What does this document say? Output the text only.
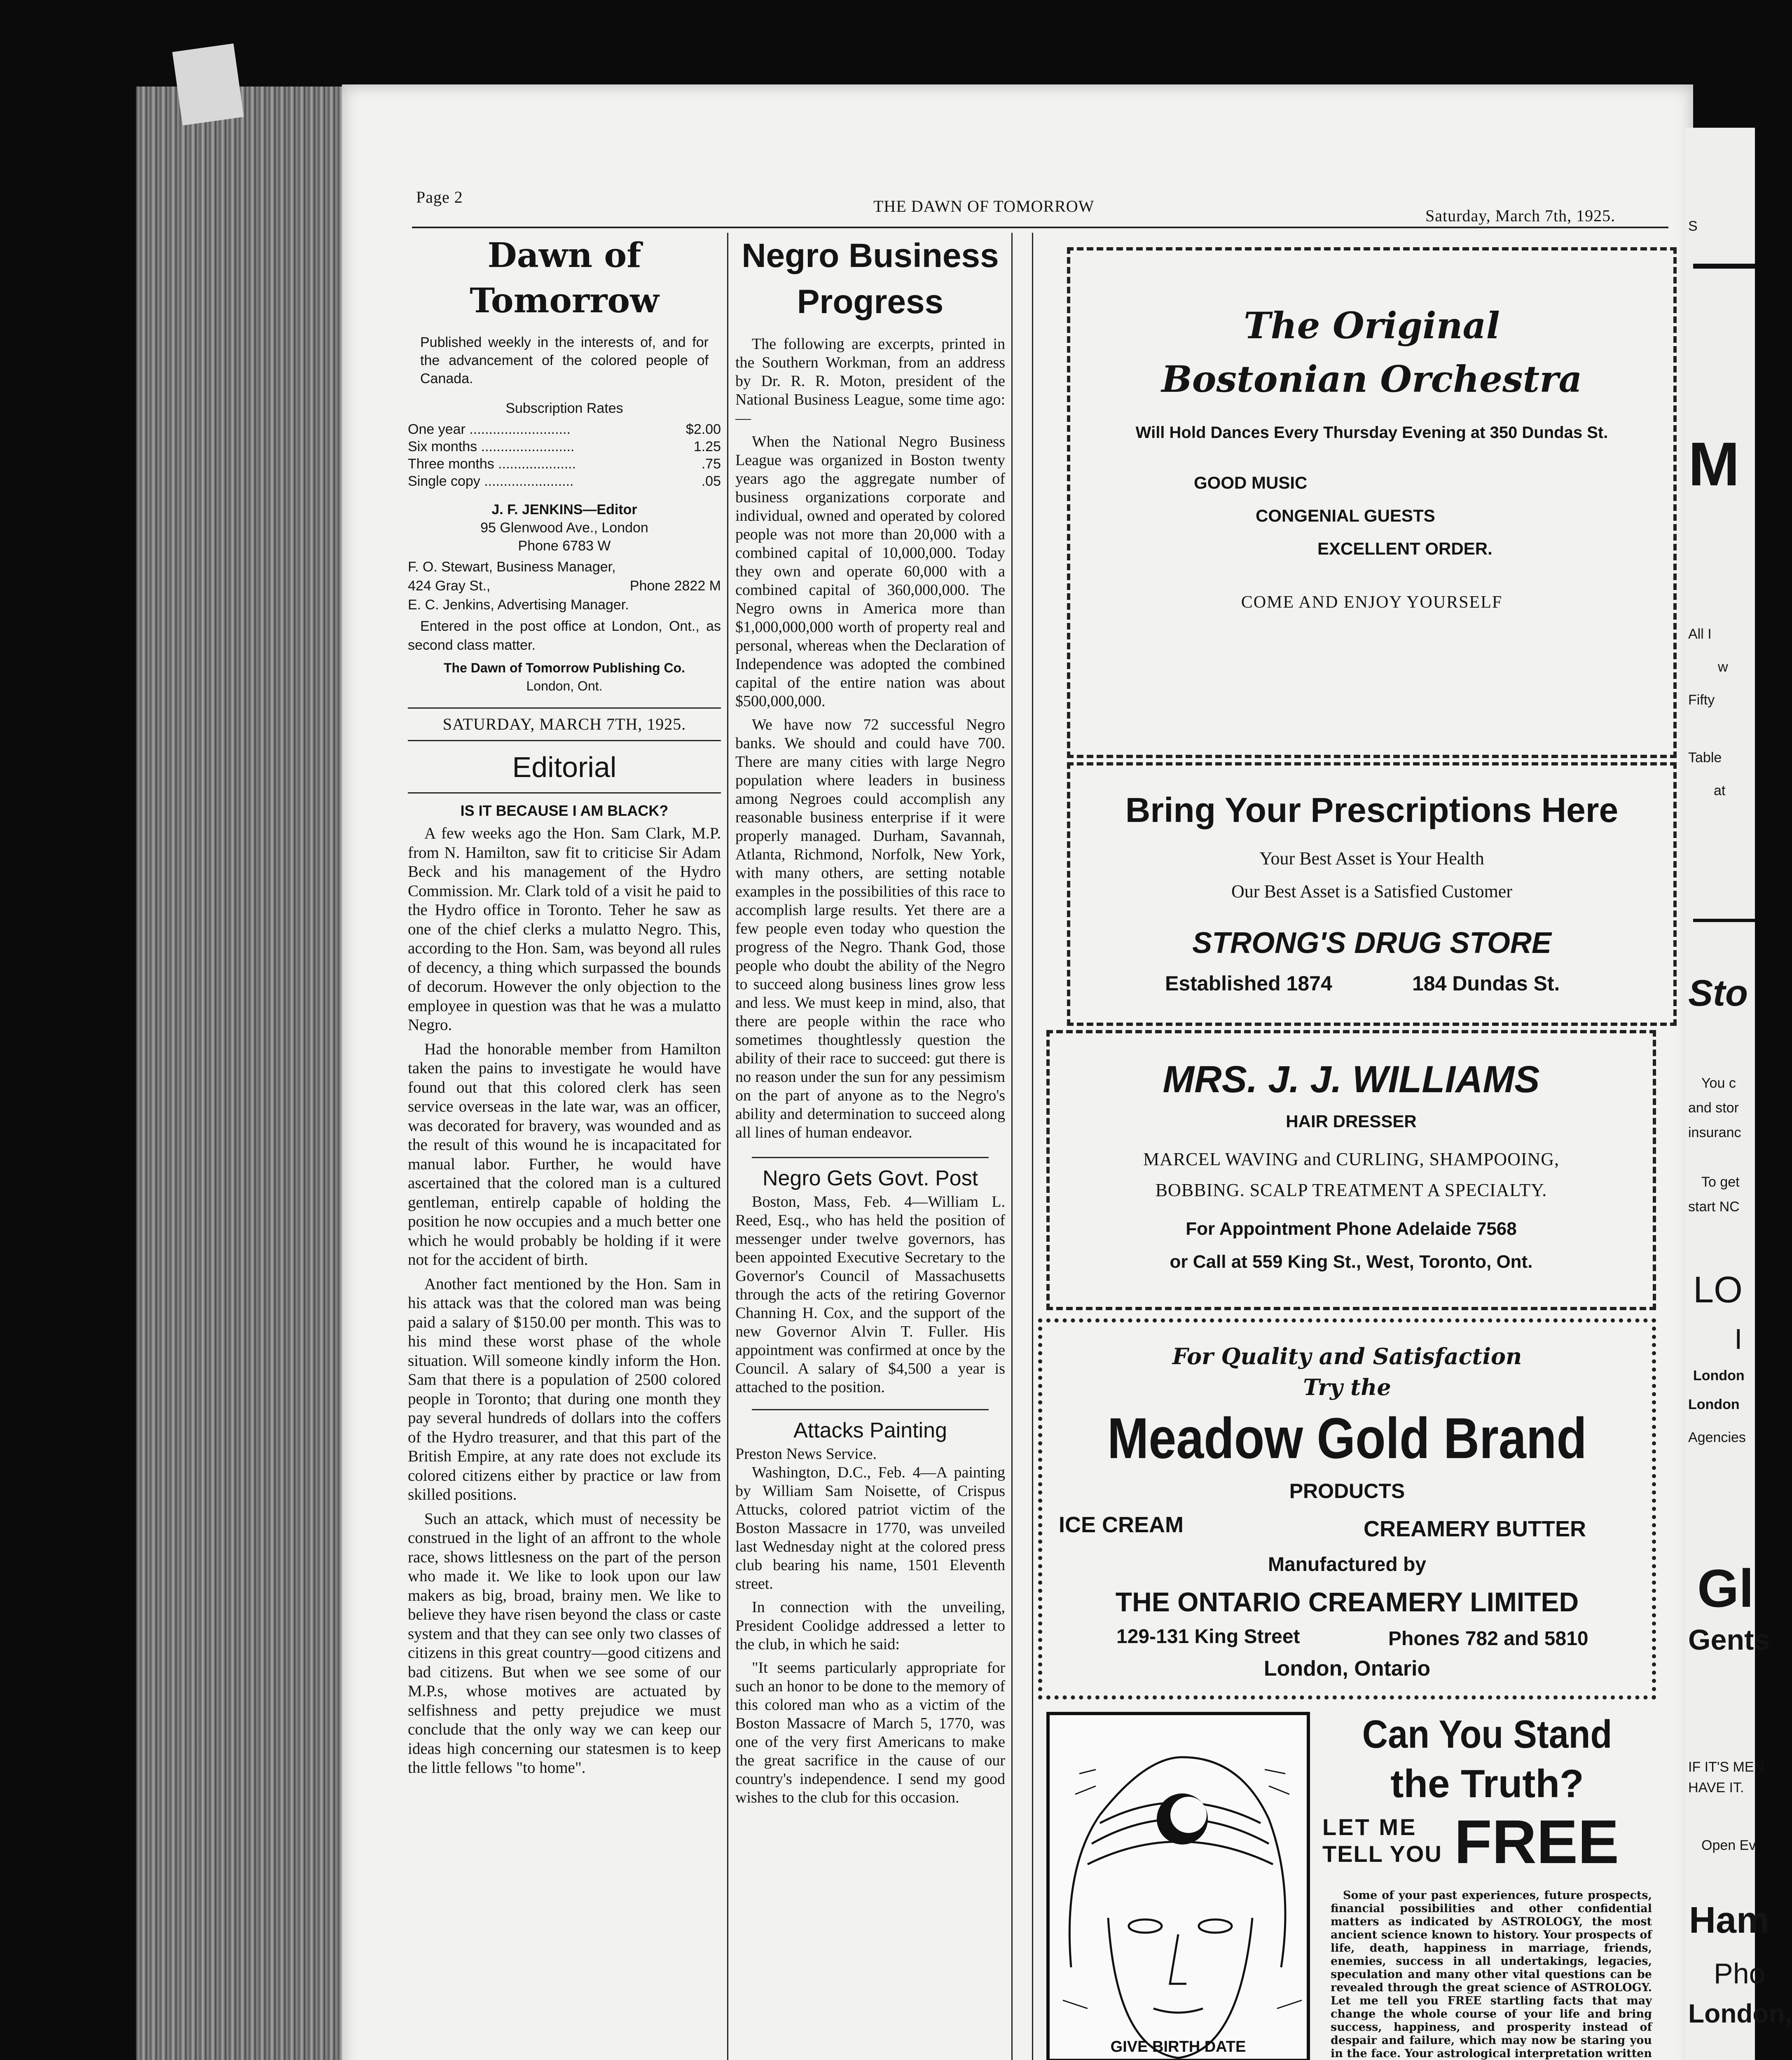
Page 2	THE DAWN OF TOMORROW
Saturday, March 7th, 1925.
Dawn of Tomorrow
Published weekly in the interests of, and for the advancement of the colored people of Canada.
Subscription Rates
One year ..........................	$2.00
Six months ........................	1.25
Three months ....................	.75
Single copy .......................	.05
J. F. JENKINS—Editor
95 Glenwood Ave., London
Phone 6783 W
F. O. Stewart, Business Manager,
424 Gray St.,	Phone 2822 M
E. C. Jenkins, Advertising Manager.
Entered in the post office at London, Ont., as second class matter.
The Dawn of Tomorrow Publishing Co.
London, Ont.
SATURDAY, MARCH 7TH, 1925.
Editorial
IS IT BECAUSE I AM BLACK?

A few weeks ago the Hon. Sam Clark, M.P. from N. Hamilton, saw fit to criticise Sir Adam Beck and his management of the Hydro Commission. Mr. Clark told of a visit he paid to the Hydro office in Toronto. Teher he saw as one of the chief clerks a mulatto Negro. This, according to the Hon. Sam, was beyond all rules of decency, a thing which surpassed the bounds of decorum. However the only objection to the employee in question was that he was a mulatto Negro.

Had the honorable member from Hamilton taken the pains to investigate he would have found out that this colored clerk has seen service overseas in the late war, was an officer, was decorated for bravery, was wounded and as the result of this wound he is incapacitated for manual labor. Further, he would have ascertained that the colored man is a cultured gentleman, entirelp capable of holding the position he now occupies and a much better one which he would probably be holding if it were not for the accident of birth.

Another fact mentioned by the Hon. Sam in his attack was that the colored man was being paid a salary of $150.00 per month. This was to his mind these worst phase of the whole situation. Will someone kindly inform the Hon. Sam that there is a population of 2500 colored people in Toronto; that during one month they pay several hundreds of dollars into the coffers of the Hydro treasurer, and that this part of the British Empire, at any rate does not exclude its colored citizens either by practice or law from skilled positions.

Such an attack, which must of necessity be construed in the light of an affront to the whole race, shows littlesness on the part of the person who made it. We like to look upon our law makers as big, broad, brainy men. We like to believe they have risen beyond the class or caste system and that they can see only two classes of citizens in this great country—good citizens and bad citizens. But when we see some of our M.P.s, whose motives are actuated by selfishness and petty prejudice we must conclude that the only way we can keep our ideas high concerning our statesmen is to keep the little fellows "to home".

Negro Business
Progress

The following are excerpts, printed in the Southern Workman, from an address by Dr. R. R. Moton, president of the National Business League, some time ago:—

When the National Negro Business League was organized in Boston twenty years ago the aggregate number of business organizations corporate and individual, owned and operated by colored people was not more than 20,000 with a combined capital of 10,000,000. Today they own and operate 60,000 with a combined capital of 360,000,000. The Negro owns in America more than $1,000,000,000 worth of property real and personal, whereas when the Declaration of Independence was adopted the combined capital of the entire nation was about $500,000,000.

We have now 72 successful Negro banks. We should and could have 700. There are many cities with large Negro population where leaders in business among Negroes could accomplish any reasonable business enterprise if it were properly managed. Durham, Savannah, Atlanta, Richmond, Norfolk, New York, with many others, are setting notable examples in the possibilities of this race to accomplish large results. Yet there are a few people even today who question the progress of the Negro. Thank God, those people who doubt the ability of the Negro to succeed along business lines grow less and less. We must keep in mind, also, that there are people within the race who sometimes thoughtlessly question the ability of their race to succeed: gut there is no reason under the sun for any pessimism on the part of anyone as to the Negro's ability and determination to succeed along all lines of human endeavor.

Negro Gets Govt. Post

Boston, Mass, Feb. 4—William L. Reed, Esq., who has held the position of messenger under twelve governors, has been appointed Executive Secretary to the Governor's Council of Massachusetts through the acts of the retiring Governor Channing H. Cox, and the support of the new Governor Alvin T. Fuller. His appointment was confirmed at once by the Council. A salary of $4,500 a year is attached to the position.

Attacks Painting
Preston News Service.

Washington, D.C., Feb. 4—A painting by William Sam Noisette, of Crispus Attucks, colored patriot victim of the Boston Massacre in 1770, was unveiled last Wednesday night at the colored press club bearing his name, 1501 Eleventh street.

In connection with the unveiling, President Coolidge addressed a letter to the club, in which he said:

"It seems particularly appropriate for such an honor to be done to the memory of this colored man who as a victim of the Boston Massacre of March 5, 1770, was one of the very first Americans to make the great sacrifice in the cause of our country's independence. I send my good wishes to the club for this occasion.

The Original
Bostonian Orchestra
Will Hold Dances Every Thursday Evening at 350 Dundas St.
GOOD MUSIC
CONGENIAL GUESTS
EXCELLENT ORDER.
COME AND ENJOY YOURSELF
Bring Your Prescriptions Here
Your Best Asset is Your Health
Our Best Asset is a Satisfied Customer
STRONG'S DRUG STORE
Established 1874	184 Dundas St.
MRS. J. J. WILLIAMS
HAIR DRESSER
MARCEL WAVING and CURLING, SHAMPOOING,
BOBBING. SCALP TREATMENT A SPECIALTY.
For Appointment Phone Adelaide 7568
or Call at 559 King St., West, Toronto, Ont.
For Quality and Satisfaction
Try the
Meadow Gold Brand
PRODUCTS
ICE CREAM	CREAMERY BUTTER
Manufactured by
THE ONTARIO CREAMERY LIMITED
129-131 King Street	Phones 782 and 5810
London, Ontario
GIVE BIRTH DATE
Can You Stand
the Truth?
LET ME
TELL YOU FREE
Some of your past experiences, future prospects, financial possibilities and other confidential matters as indicated by ASTROLOGY, the most ancient science known to history. Your prospects of life, death, happiness in marriage, friends, enemies, success in all undertakings, legacies, speculation and many other vital questions can be revealed through the great science of ASTROLOGY. Let me tell you FREE startling facts that may change the whole course of your life and bring success, happiness, and prosperity instead of despair and failure, which may now be staring you in the face. Your astrological interpretation written
S
M
All I
w
Fifty
Table
at
Sto
You c
and stor
insuranc
To get
start NC
LO
I
London
London
Agencies
Gl
Gents
IF IT'S MEN
HAVE IT.
Open Ev
Ham
Pho
London,
